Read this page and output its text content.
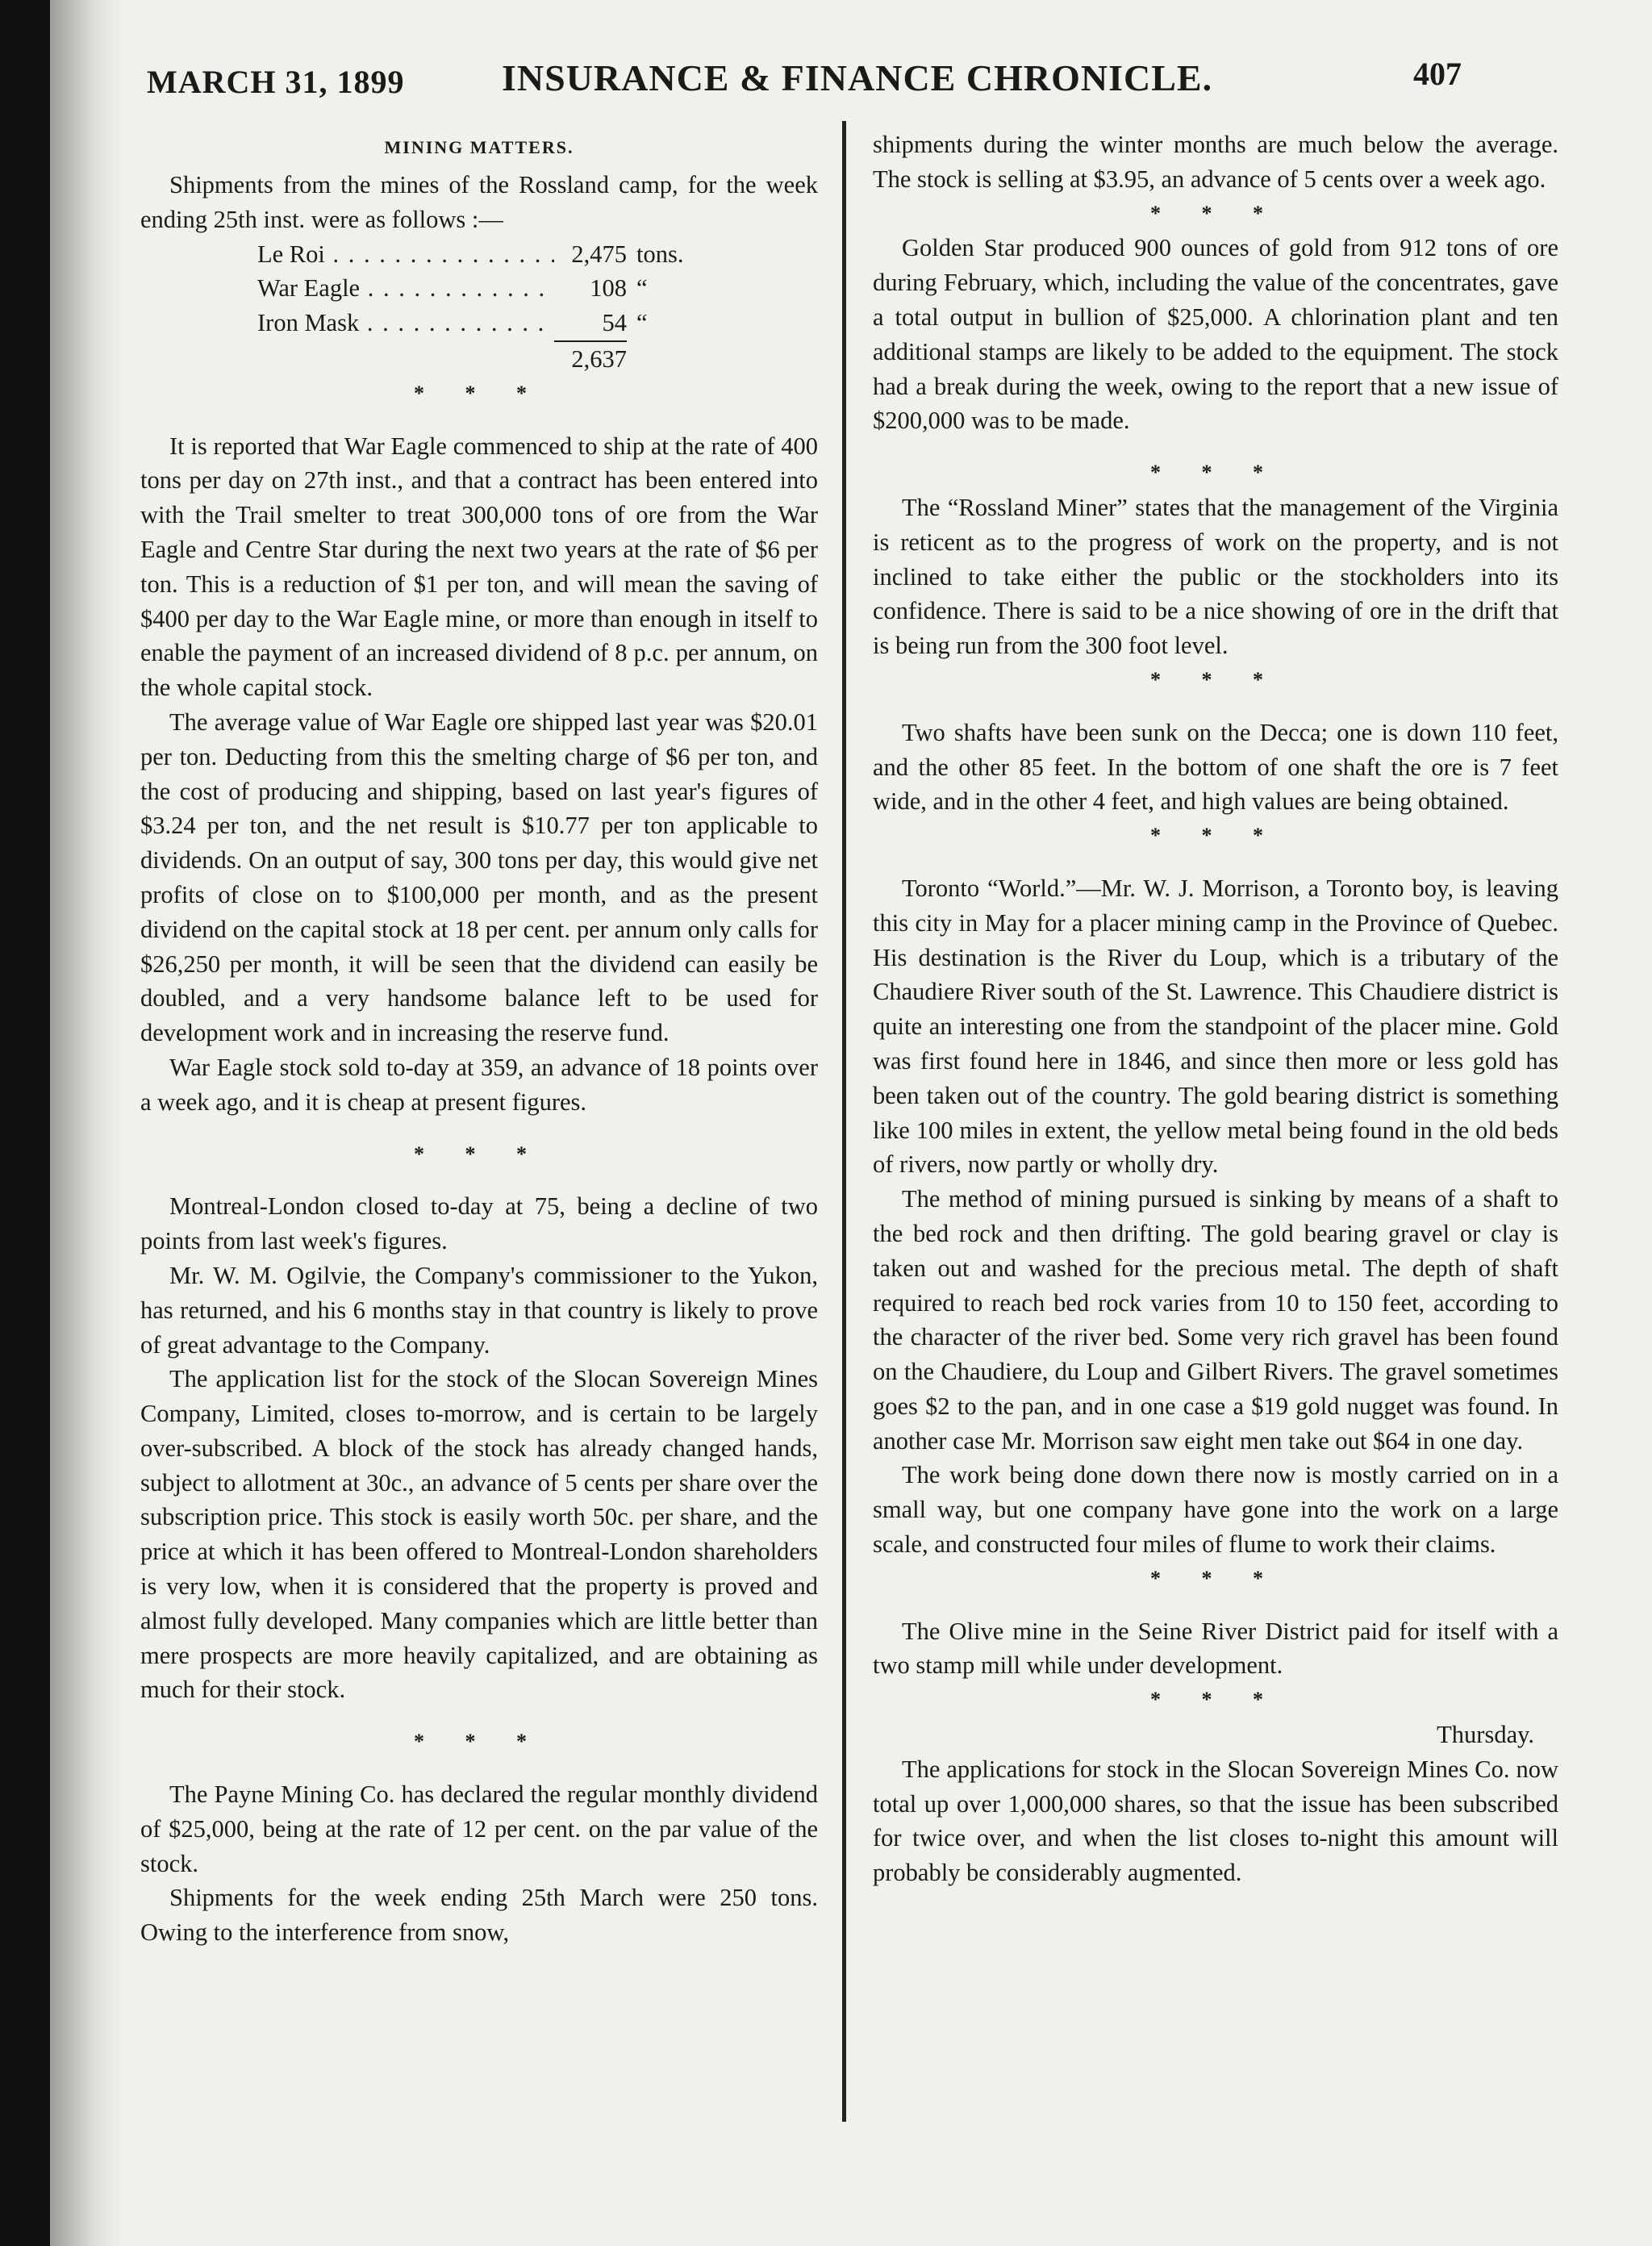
MARCH 31, 1899	INSURANCE & FINANCE CHRONICLE.	407
MINING MATTERS.

Shipments from the mines of the Rossland camp, for the week ending 25th inst. were as follows :—

Le Roi . . .	2,475 tons.
War Eagle . . .	108 “
Iron Mask . . .	54 “
2,637
* * *

It is reported that War Eagle commenced to ship at the rate of 400 tons per day on 27th inst., and that a contract has been entered into with the Trail smelter to treat 300,000 tons of ore from the War Eagle and Centre Star during the next two years at the rate of $6 per ton. This is a reduction of $1 per ton, and will mean the saving of $400 per day to the War Eagle mine, or more than enough in itself to enable the payment of an increased dividend of 8 p.c. per annum, on the whole capital stock.

The average value of War Eagle ore shipped last year was $20.01 per ton. Deducting from this the smelting charge of $6 per ton, and the cost of producing and shipping, based on last year's figures of $3.24 per ton, and the net result is $10.77 per ton applicable to dividends. On an output of say, 300 tons per day, this would give net profits of close on to $100,000 per month, and as the present dividend on the capital stock at 18 per cent. per annum only calls for $26,250 per month, it will be seen that the dividend can easily be doubled, and a very handsome balance left to be used for development work and in increasing the reserve fund.

War Eagle stock sold to-day at 359, an advance of 18 points over a week ago, and it is cheap at present figures.

* * *

Montreal-London closed to-day at 75, being a decline of two points from last week's figures.

Mr. W. M. Ogilvie, the Company's commissioner to the Yukon, has returned, and his 6 months stay in that country is likely to prove of great advantage to the Company.

The application list for the stock of the Slocan Sovereign Mines Company, Limited, closes to-morrow, and is certain to be largely over-subscribed. A block of the stock has already changed hands, subject to allotment at 30c., an advance of 5 cents per share over the subscription price. This stock is easily worth 50c. per share, and the price at which it has been offered to Montreal-London shareholders is very low, when it is considered that the property is proved and almost fully developed. Many companies which are little better than mere prospects are more heavily capitalized, and are obtaining as much for their stock.

* * *

The Payne Mining Co. has declared the regular monthly dividend of $25,000, being at the rate of 12 per cent. on the par value of the stock.

Shipments for the week ending 25th March were 250 tons. Owing to the interference from snow,

shipments during the winter months are much below the average. The stock is selling at $3.95, an advance of 5 cents over a week ago.

* * *

Golden Star produced 900 ounces of gold from 912 tons of ore during February, which, including the value of the concentrates, gave a total output in bullion of $25,000. A chlorination plant and ten additional stamps are likely to be added to the equipment. The stock had a break during the week, owing to the report that a new issue of $200,000 was to be made.

* * *

The “Rossland Miner” states that the management of the Virginia is reticent as to the progress of work on the property, and is not inclined to take either the public or the stockholders into its confidence. There is said to be a nice showing of ore in the drift that is being run from the 300 foot level.

* * *

Two shafts have been sunk on the Decca; one is down 110 feet, and the other 85 feet. In the bottom of one shaft the ore is 7 feet wide, and in the other 4 feet, and high values are being obtained.

* * *

Toronto “World.”—Mr. W. J. Morrison, a Toronto boy, is leaving this city in May for a placer mining camp in the Province of Quebec. His destination is the River du Loup, which is a tributary of the Chaudiere River south of the St. Lawrence. This Chaudiere district is quite an interesting one from the standpoint of the placer mine. Gold was first found here in 1846, and since then more or less gold has been taken out of the country. The gold bearing district is something like 100 miles in extent, the yellow metal being found in the old beds of rivers, now partly or wholly dry.

The method of mining pursued is sinking by means of a shaft to the bed rock and then drifting. The gold bearing gravel or clay is taken out and washed for the precious metal. The depth of shaft required to reach bed rock varies from 10 to 150 feet, according to the character of the river bed. Some very rich gravel has been found on the Chaudiere, du Loup and Gilbert Rivers. The gravel sometimes goes $2 to the pan, and in one case a $19 gold nugget was found. In another case Mr. Morrison saw eight men take out $64 in one day.

The work being done down there now is mostly carried on in a small way, but one company have gone into the work on a large scale, and constructed four miles of flume to work their claims.

* * *

The Olive mine in the Seine River District paid for itself with a two stamp mill while under development.

* * *
Thursday.

The applications for stock in the Slocan Sovereign Mines Co. now total up over 1,000,000 shares, so that the issue has been subscribed for twice over, and when the list closes to-night this amount will probably be considerably augmented.
